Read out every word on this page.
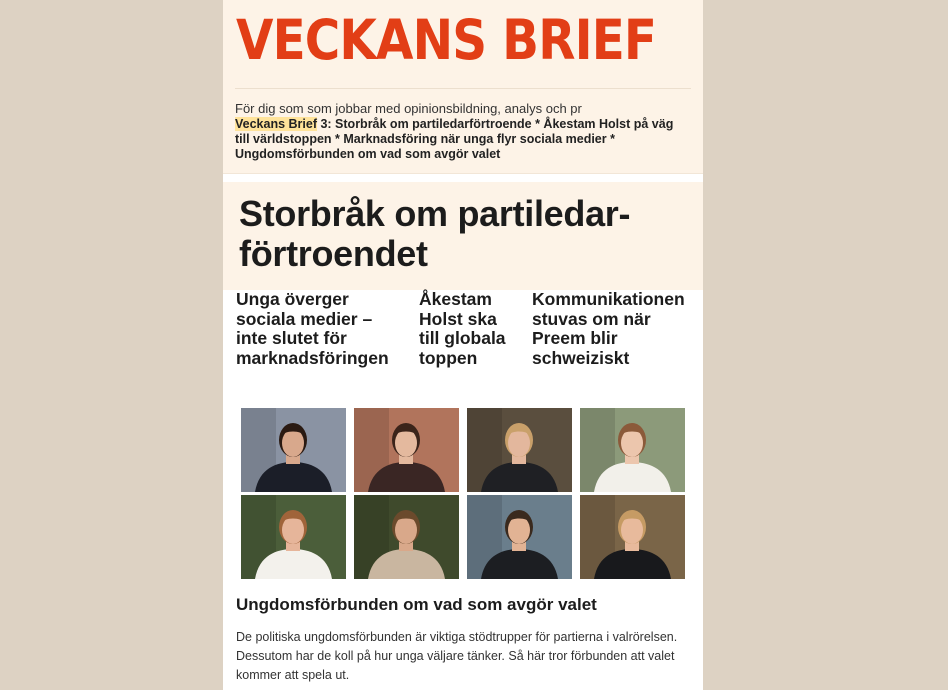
VECKANS BRIEF
För dig som som jobbar med opinionsbildning, analys och pr
Veckans Brief 3: Storbråk om partiledarförtroende * Åkestam Holst på väg till världstoppen * Marknadsföring när unga flyr sociala medier * Ungdomsförbunden om vad som avgör valet
Storbråk om partiledar-förtroendet
Unga överger sociala medier – inte slutet för marknadsföringen
Åkestam Holst ska till globala toppen
Kommunikationen stuvas om när Preem blir schweiziskt
Ungdomsförbunden om vad som avgör valet
De politiska ungdomsförbunden är viktiga stödtrupper för partierna i valrörelsen. Dessutom har de koll på hur unga väljare tänker. Så här tror förbunden att valet kommer att spela ut.
